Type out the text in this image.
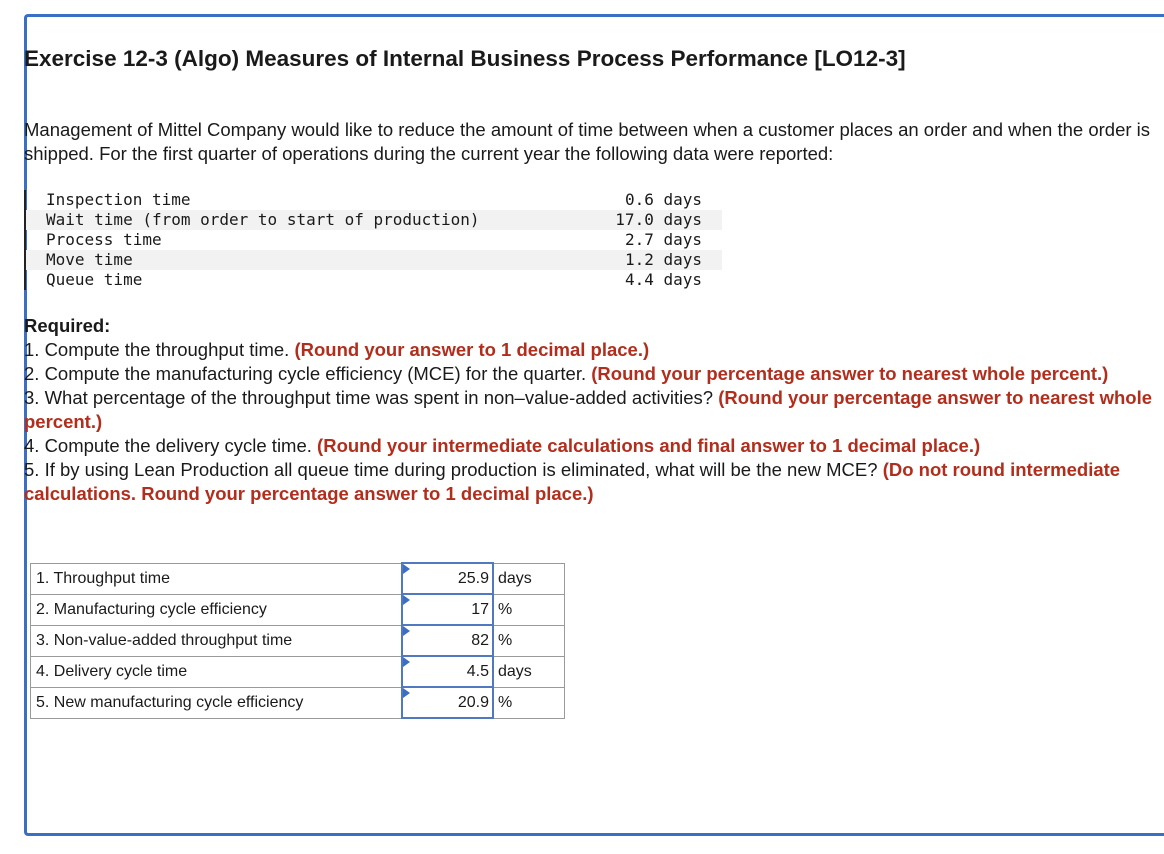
Exercise 12-3 (Algo) Measures of Internal Business Process Performance [LO12-3]

Management of Mittel Company would like to reduce the amount of time between when a customer places an order and when the order is shipped. For the first quarter of operations during the current year the following data were reported:

Inspection time	0.6 days
Wait time (from order to start of production)	17.0 days
Process time	2.7 days
Move time	1.2 days
Queue time	4.4 days
Required:
1. Compute the throughput time. (Round your answer to 1 decimal place.)
2. Compute the manufacturing cycle efficiency (MCE) for the quarter. (Round your percentage answer to nearest whole percent.)
3. What percentage of the throughput time was spent in non–value-added activities? (Round your percentage answer to nearest whole percent.)
4. Compute the delivery cycle time. (Round your intermediate calculations and final answer to 1 decimal place.)
5. If by using Lean Production all queue time during production is eliminated, what will be the new MCE? (Do not round intermediate calculations. Round your percentage answer to 1 decimal place.)
1. Throughput time	25.9	days
2. Manufacturing cycle efficiency	17	%
3. Non-value-added throughput time	82	%
4. Delivery cycle time	4.5	days
5. New manufacturing cycle efficiency	20.9	%
